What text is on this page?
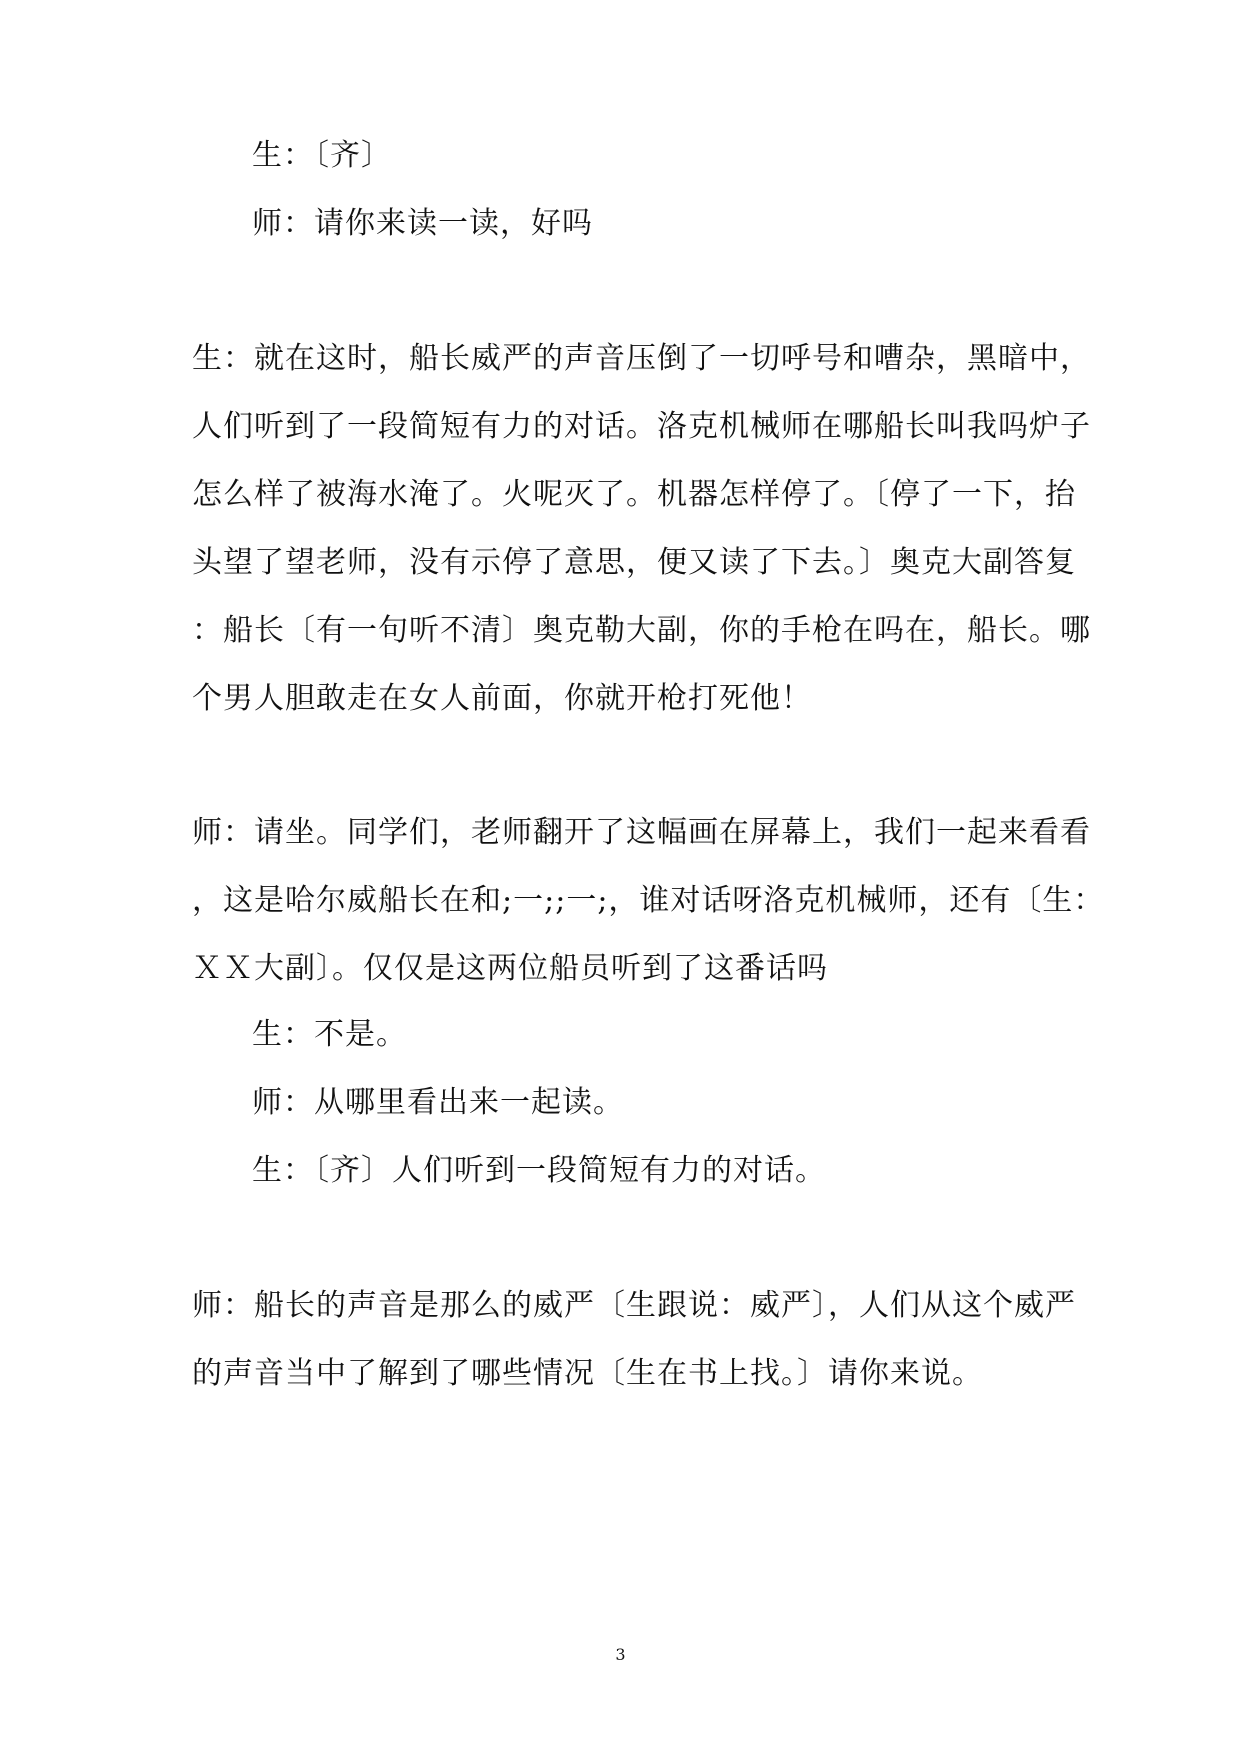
生：〔齐〕
师：请你来读一读，好吗
生：就在这时，船长威严的声音压倒了一切呼号和嘈杂，黑暗中，
人们听到了一段简短有力的对话。洛克机械师在哪船长叫我吗炉子
怎么样了被海水淹了。火呢灭了。机器怎样停了。〔停了一下，抬
头望了望老师，没有示停了意思，便又读了下去。〕奥克大副答复
：船长〔有一句听不清〕奥克勒大副，你的手枪在吗在，船长。哪
个男人胆敢走在女人前面，你就开枪打死他！
师：请坐。同学们，老师翻开了这幅画在屏幕上，我们一起来看看
，这是哈尔威船长在和;一;;一;，谁对话呀洛克机械师，还有〔生：
ＸＸ大副〕。仅仅是这两位船员听到了这番话吗
生：不是。
师：从哪里看出来一起读。
生：〔齐〕人们听到一段简短有力的对话。
师：船长的声音是那么的威严〔生跟说：威严〕，人们从这个威严
的声音当中了解到了哪些情况〔生在书上找。〕请你来说。
3
